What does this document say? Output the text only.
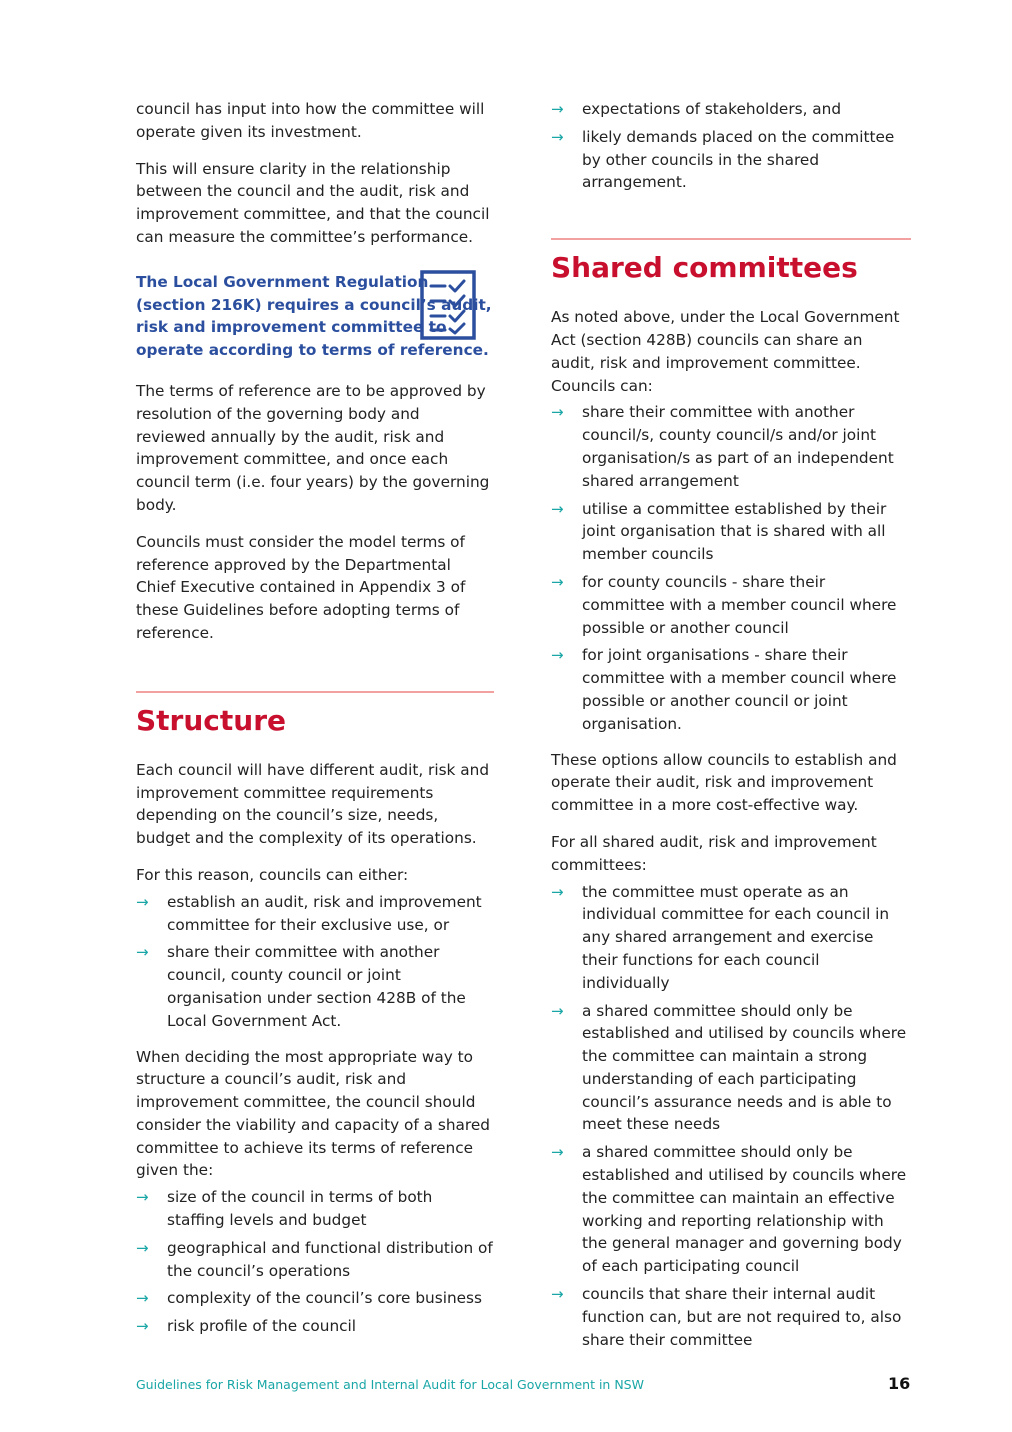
council has input into how the committee will operate given its investment.

This will ensure clarity in the relationship between the council and the audit, risk and improvement committee, and that the council can measure the committee’s performance.

The Local Government Regulation (section 216K) requires a council’s audit, risk and improvement committee to operate according to terms of reference.

The terms of reference are to be approved by resolution of the governing body and reviewed annually by the audit, risk and improvement committee, and once each council term (i.e. four years) by the governing body.

Councils must consider the model terms of reference approved by the Departmental Chief Executive contained in Appendix 3 of these Guidelines before adopting terms of reference.

Structure

Each council will have different audit, risk and improvement committee requirements depending on the council’s size, needs, budget and the complexity of its operations.

For this reason, councils can either:

→ establish an audit, risk and improvement committee for their exclusive use, or
→ share their committee with another council, county council or joint organisation under section 428B of the Local Government Act.

When deciding the most appropriate way to structure a council’s audit, risk and improvement committee, the council should consider the viability and capacity of a shared committee to achieve its terms of reference given the:

→ size of the council in terms of both staffing levels and budget
→ geographical and functional distribution of the council’s operations
→ complexity of the council’s core business
→ risk profile of the council
→ expectations of stakeholders, and
→ likely demands placed on the committee by other councils in the shared arrangement.
Shared committees

As noted above, under the Local Government Act (section 428B) councils can share an audit, risk and improvement committee. Councils can:

→ share their committee with another council/s, county council/s and/or joint organisation/s as part of an independent shared arrangement
→ utilise a committee established by their joint organisation that is shared with all member councils
→ for county councils - share their committee with a member council where possible or another council
→ for joint organisations - share their committee with a member council where possible or another council or joint organisation.

These options allow councils to establish and operate their audit, risk and improvement committee in a more cost-effective way.

For all shared audit, risk and improvement committees:

→ the committee must operate as an individual committee for each council in any shared arrangement and exercise their functions for each council individually
→ a shared committee should only be established and utilised by councils where the committee can maintain a strong understanding of each participating council’s assurance needs and is able to meet these needs
→ a shared committee should only be established and utilised by councils where the committee can maintain an effective working and reporting relationship with the general manager and governing body of each participating council
→ councils that share their internal audit function can, but are not required to, also share their committee
Guidelines for Risk Management and Internal Audit for Local Government in NSW	16
